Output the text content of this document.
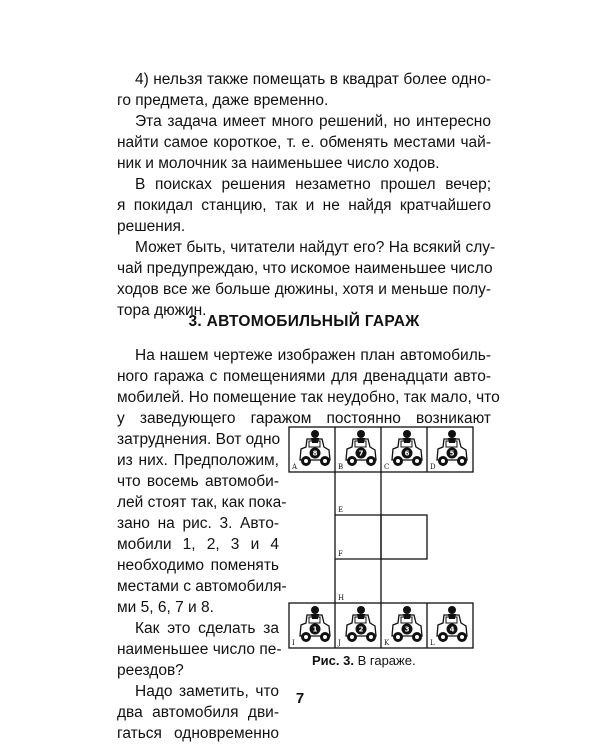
4) нельзя также помещать в квадрат более одно-
го предмета, даже временно.
Эта задача имеет много решений, но интересно
найти самое короткое, т. е. обменять местами чай-
ник и молочник за наименьшее число ходов.
В поисках решения незаметно прошел вечер;
я покидал станцию, так и не найдя кратчайшего
решения.
Может быть, читатели найдут его? На всякий слу-
чай предупреждаю, что искомое наименьшее число
ходов все же больше дюжины, хотя и меньше полу-
тора дюжин.
3. АВТОМОБИЛЬНЫЙ ГАРАЖ
На нашем чертеже изображен план автомобиль-
ного гаража с помещениями для двенадцати авто-
мобилей. Но помещение так неудобно, так мало, что
у заведующего гаражом постоянно возникают
затруднения. Вот одно
из них. Предположим,
что восемь автомоби-
лей стоят так, как пока-
зано на рис. 3. Авто-
мобили 1, 2, 3 и 4
необходимо поменять
местами с автомобиля-
ми 5, 6, 7 и 8.
Как это сделать за
наименьшее число пе-
реездов?
Надо заметить, что
два автомобиля дви-
гаться одновременно
A	B	C	D
E
F
H
I	J	K	L
8	7	6	5
1	2	3	4
Рис. 3. В гараже.
7
